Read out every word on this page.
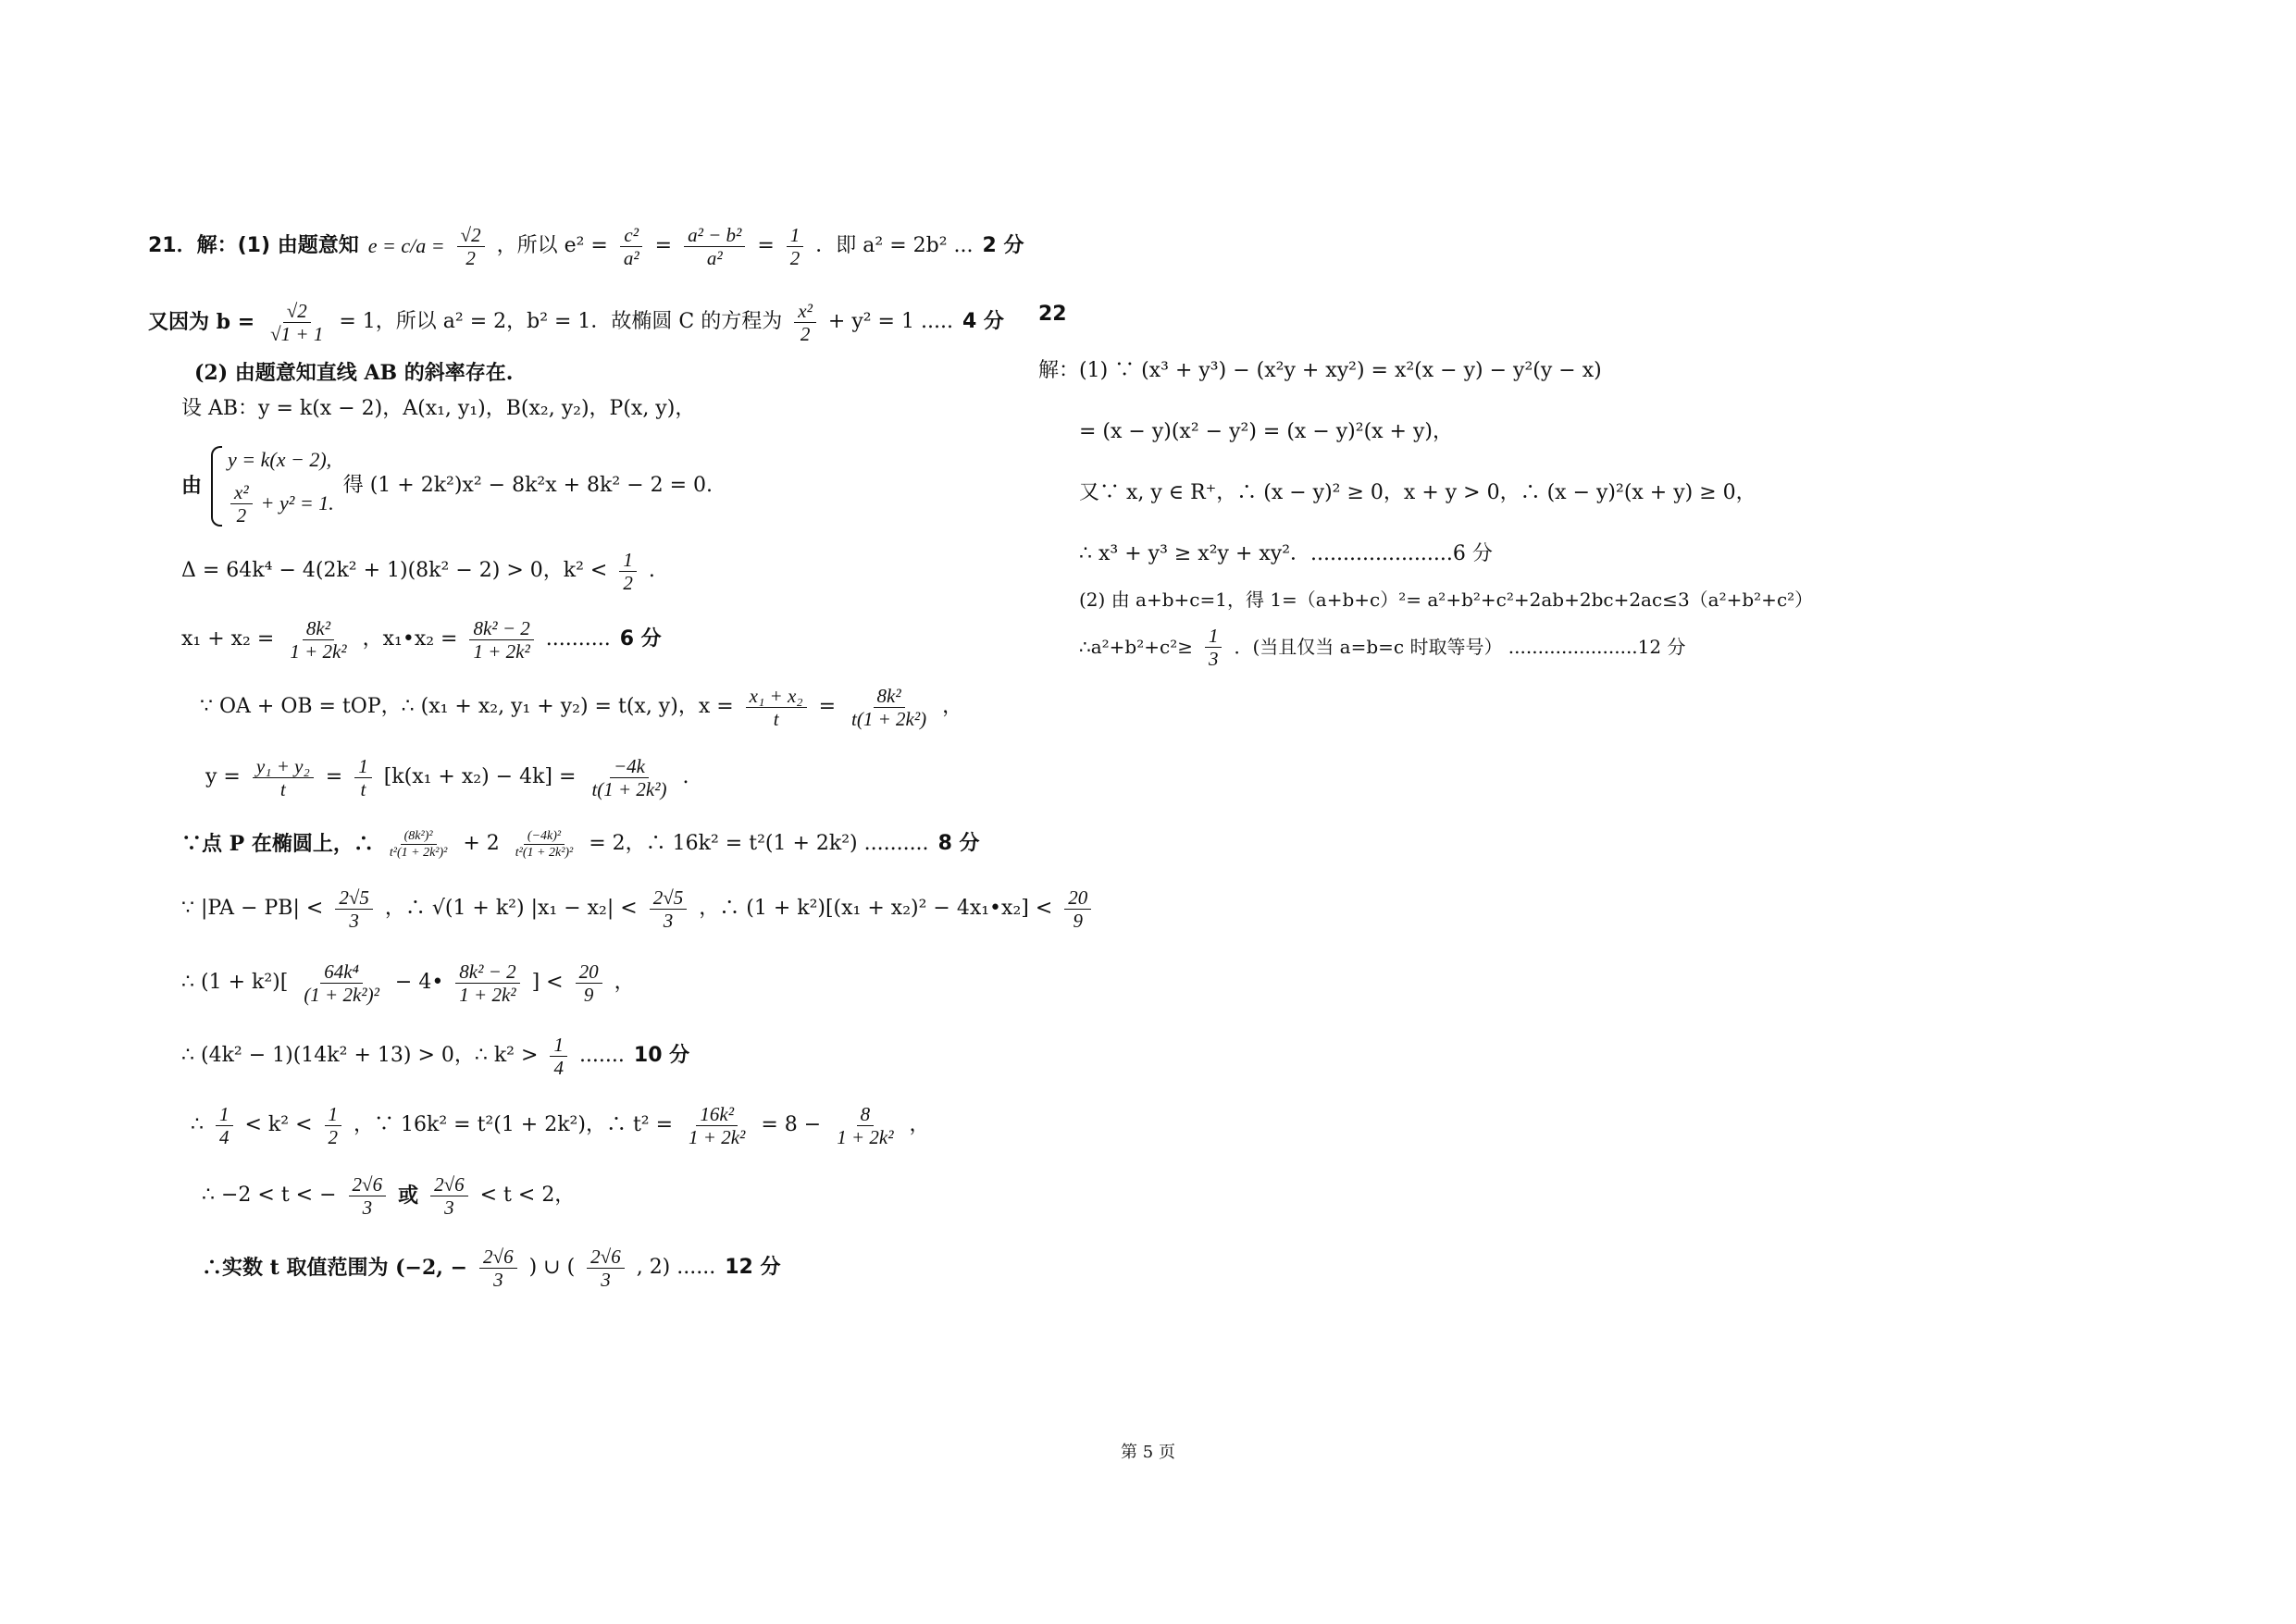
21．解：(1) 由题意知 $e = c/a = \frac{√2}{2}$ ，所以 $e^2 = \frac{\text{c²}}{\text{a²}} = \frac{\text{a² − b²}}{\text{a²}} = \frac{1}{2}$ ．即 a² = 2b² ... 2 分
又因为 $b = \frac{√2}{√1 + 1} = 1$，所以 a² = 2，b² = 1．故椭圆 C 的方程为 $\frac{\text{x²}}{2} + y^2 = 1$ ..... 4 分
(2) 由题意知直线 AB 的斜率存在.
设 AB：y = k(x − 2)，A(x₁, y₁)，B(x₂, y₂)，P(x, y)，
由
y = k(x − 2),
$\frac{\text{x²}}{2} + y^2 = 1$.
得 (1 + 2k²)x² − 8k²x + 8k² − 2 = 0.
Δ = 64k⁴ − 4(2k² + 1)(8k² − 2) > 0，$k^2 < \frac{1}{2}$ .
$x_1 + x_2 = \frac{\text{8k²}}{\text{1 + 2k²}}$ ，x₁•x₂ = $\frac{\text{8k² − 2}}{\text{1 + 2k²}}$ .......... 6 分
∵ OA + OB = tOP，∴ (x₁ + x₂, y₁ + y₂) = t(x, y)，$x = \frac{\text{x₁ + x₂}}{t} = \frac{\text{8k²}}{\text{t(1 + 2k²)}}$ ，
$y = \frac{\text{y₁ + y₂}}{t} = \frac{1}{t} [k(x_1 + x_2) - 4k] = \frac{-4k}{\text{t(1 + 2k²)}}$ .
∵点 P 在椭圆上，∴ $\frac{\text{(8k²)²}}{\text{t²(1 + 2k²)²}} + 2 \frac{\text{(−4k)²}}{\text{t²(1 + 2k²)²}} = 2$，∴ 16k² = t²(1 + 2k²) .......... 8 分
∵ $|PA - PB| < \frac{2√5}{3}$ ，∴ √(1 + k²) $|x_1 - x_2| < \frac{2√5}{3}$ ，∴ (1 + k²)[(x₁ + x₂)² − 4x₁•x₂] < $\frac{20}{9}$
∴ $(1 + k^2)[ \frac{\text{64k⁴}}{\text{(1 + 2k²)²}}$ − 4• $\frac{\text{8k² − 2}}{\text{1 + 2k²}}$ ] < $\frac{20}{9}$ ，
∴ (4k² − 1)(14k² + 13) > 0，∴ $k^2 > \frac{1}{4}$ ....... 10 分
∴ $\frac{1}{4} < k^2 < \frac{1}{2}$ ，∵ 16k² = t²(1 + 2k²)，∴ $t^2 = \frac{\text{16k²}}{\text{1 + 2k²}} = 8 - \frac{8}{\text{1 + 2k²}}$ ，
∴ −2 < t < − $\frac{2√6}{3}$ 或 $\frac{2√6}{3} < t < 2$，
∴实数 t 取值范围为 (−2, − $\frac{2√6}{3}$ ) ∪ ( $\frac{2√6}{3}$ , 2) ...... 12 分
22
解：(1) ∵ (x³ + y³) − (x²y + xy²) = x²(x − y) − y²(y − x)
= (x − y)(x² − y²) = (x − y)²(x + y)，
又∵ x, y ∈ R⁺，∴ (x − y)² ≥ 0，x + y > 0，∴ (x − y)²(x + y) ≥ 0，
∴ x³ + y³ ≥ x²y + xy²．......................6 分
(2) 由 a+b+c=1，得 1=（a+b+c）²= a²+b²+c²+2ab+2bc+2ac≤3（a²+b²+c²）
∴a²+b²+c²≥ $\frac{1}{3}$ ．(当且仅当 a=b=c 时取等号） ......................12 分
第 5 页
